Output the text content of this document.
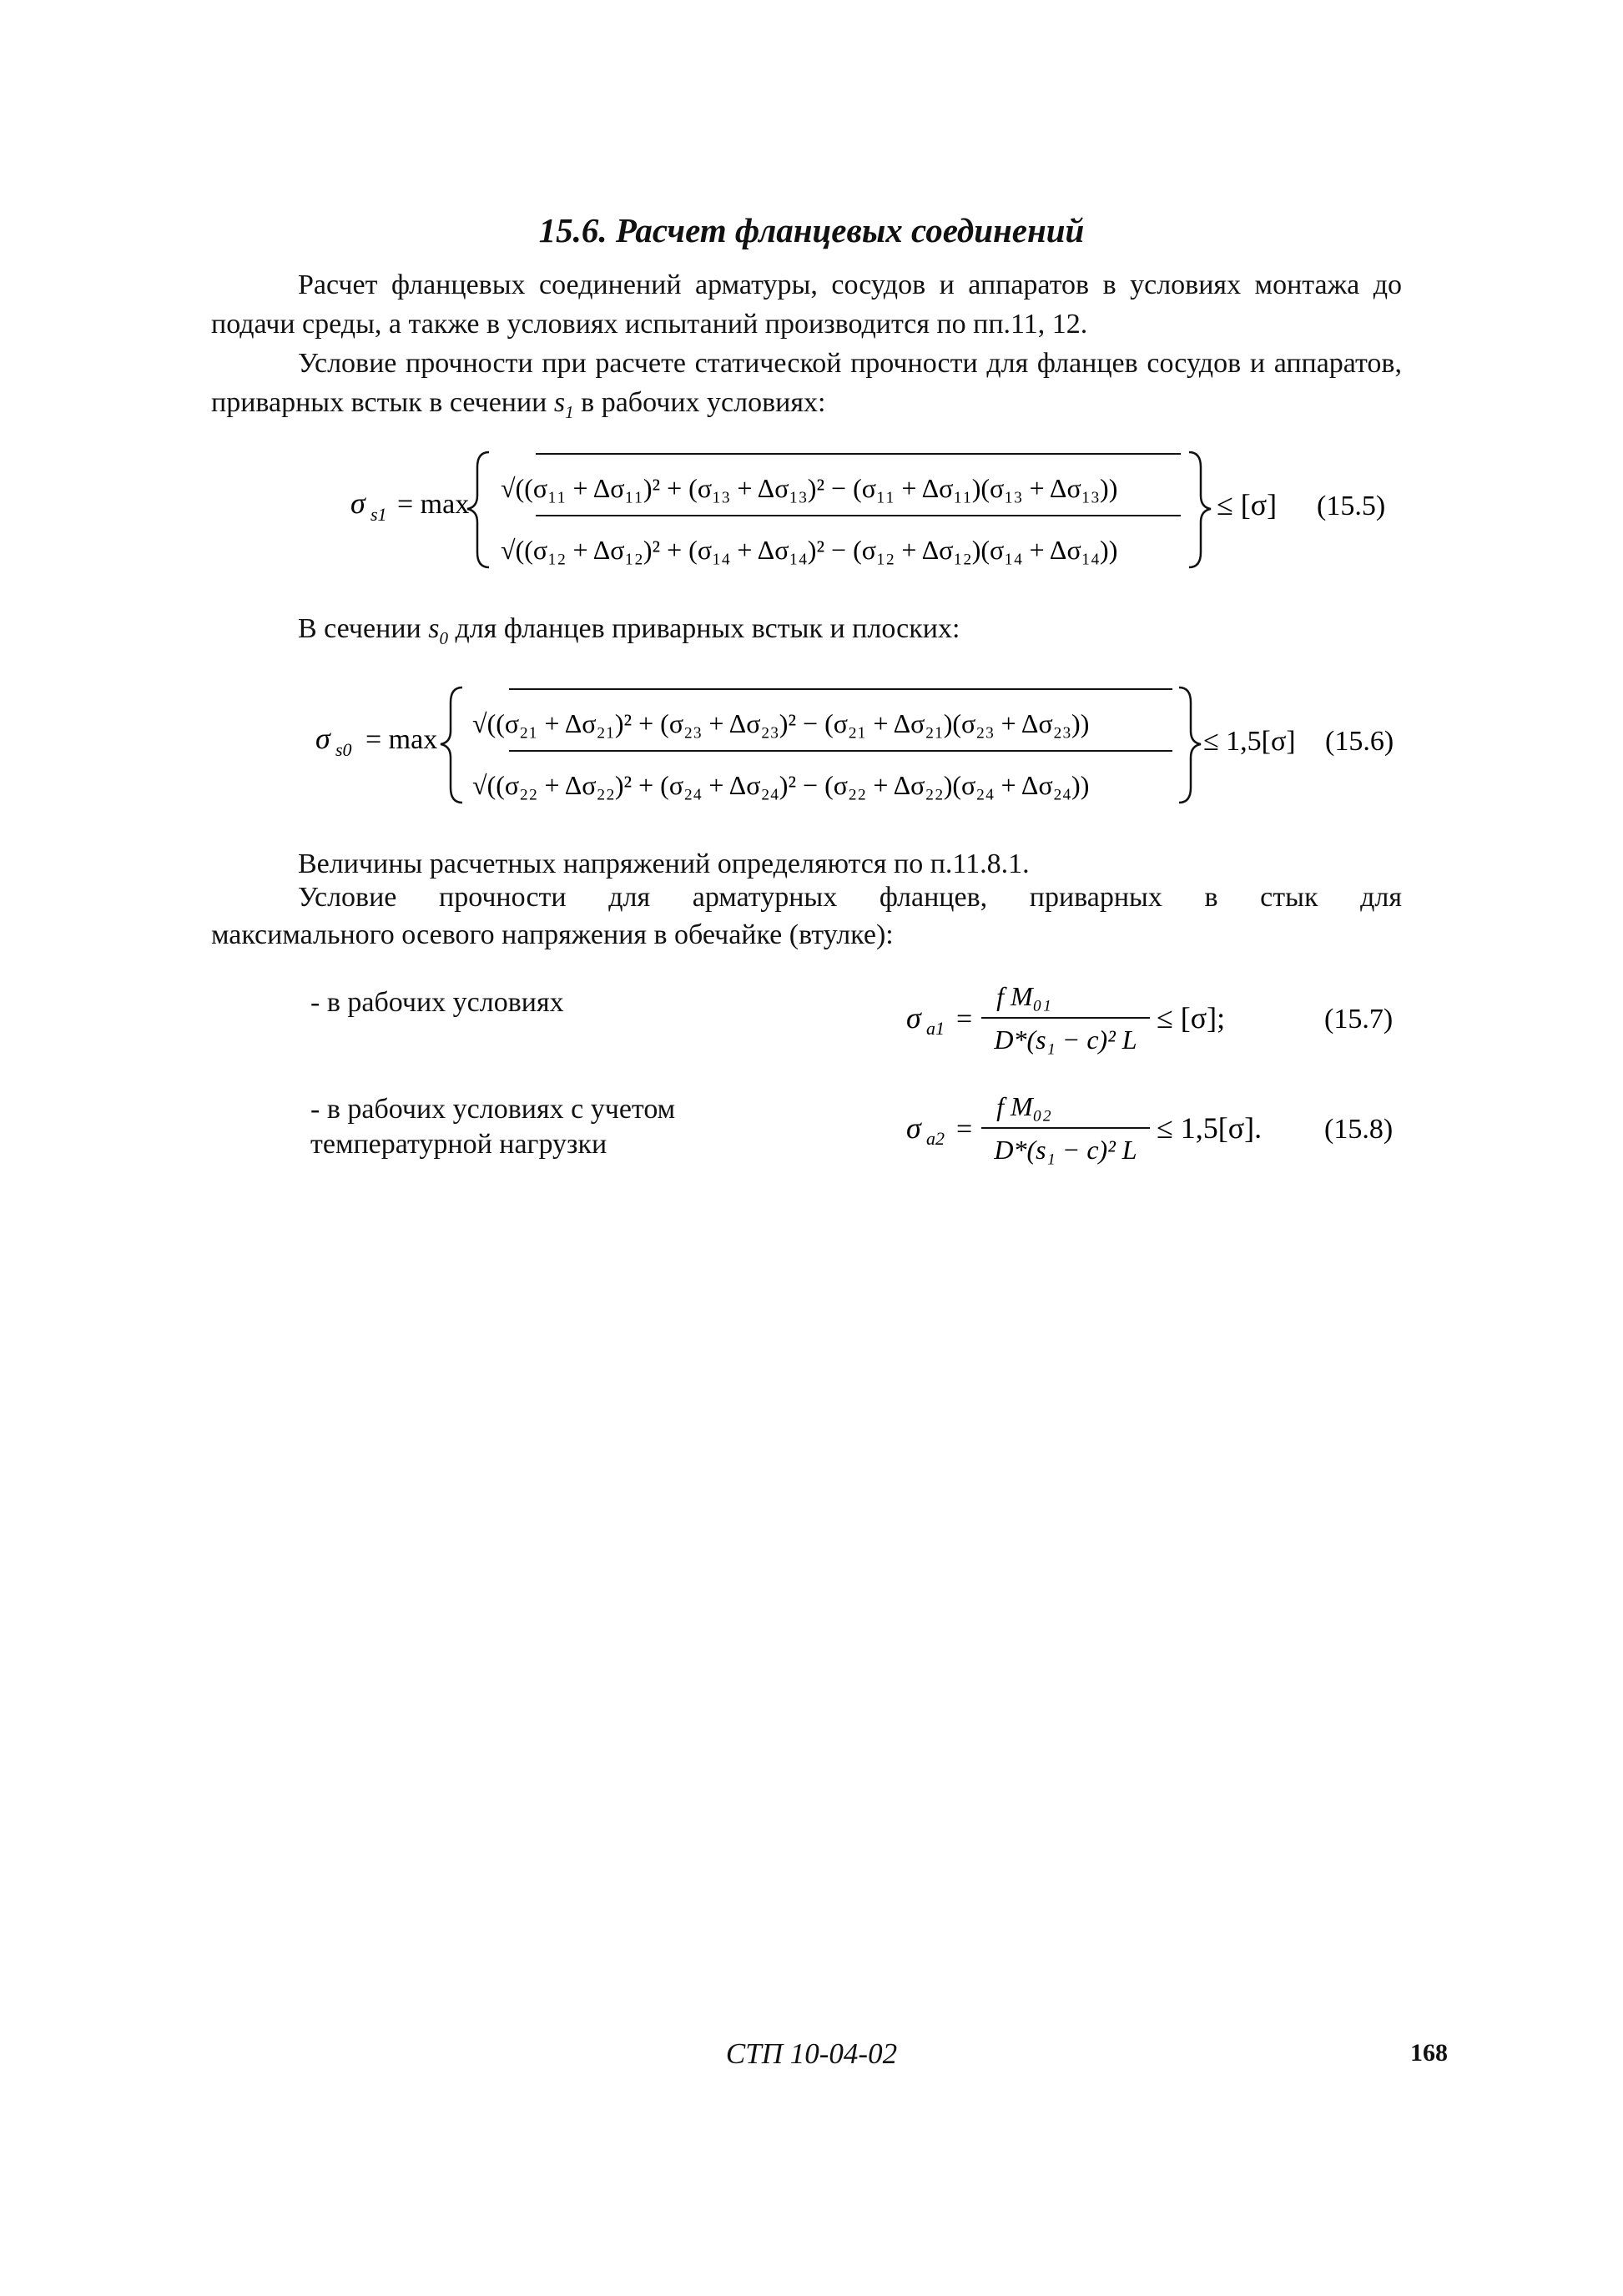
15.6. Расчет фланцевых соединений
Расчет фланцевых соединений арматуры, сосудов и аппаратов в условиях монтажа до подачи среды, а также в условиях испытаний производится по пп.11, 12.
Условие прочности при расчете статической прочности для фланцев сосудов и аппаратов, приварных встык в сечении $s_1$ в рабочих условиях:
σ s1 = max
√((σ₁₁ + Δσ₁₁)² + (σ₁₃ + Δσ₁₃)² − (σ₁₁ + Δσ₁₁)(σ₁₃ + Δσ₁₃))
√((σ₁₂ + Δσ₁₂)² + (σ₁₄ + Δσ₁₄)² − (σ₁₂ + Δσ₁₂)(σ₁₄ + Δσ₁₄))
≤ [σ] (15.5)
В сечении $s_0$ для фланцев приварных встык и плоских:
σ s0 = max
√((σ₂₁ + Δσ₂₁)² + (σ₂₃ + Δσ₂₃)² − (σ₂₁ + Δσ₂₁)(σ₂₃ + Δσ₂₃))
√((σ₂₂ + Δσ₂₂)² + (σ₂₄ + Δσ₂₄)² − (σ₂₂ + Δσ₂₂)(σ₂₄ + Δσ₂₄))
≤ 1,5[σ] (15.6)
Величины расчетных напряжений определяются по п.11.8.1.
Условие прочности для арматурных фланцев, приварных в стык для
максимального осевого напряжения в обечайке (втулке):
- в рабочих условиях	σ a1 =
f M₀₁
D*(s₁ − c)² L
≤ [σ];	(15.7)
- в рабочих условиях с учетом
температурной нагрузки	σ a2 =
f M₀₂
D*(s₁ − c)² L
≤ 1,5[σ]. (15.8)
СТП 10-04-02	168
